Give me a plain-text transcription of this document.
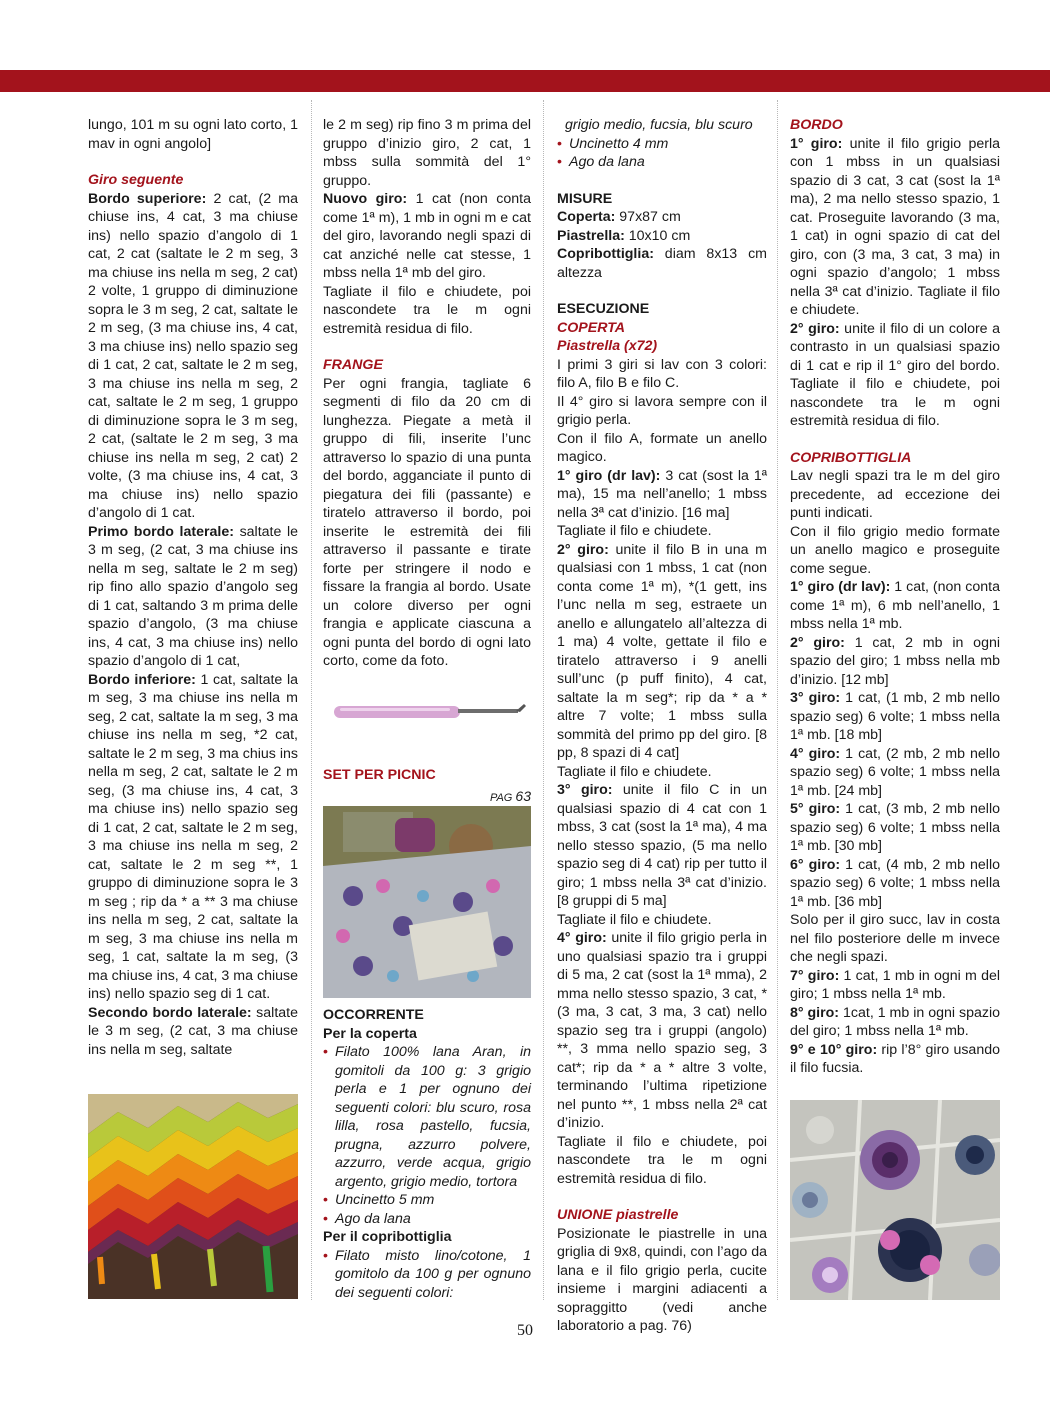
lungo, 101 m su ogni lato corto, 1 mav in ogni angolo]

Giro seguente

Bordo superiore: 2 cat, (2 ma chiuse ins, 4 cat, 3 ma chiuse ins) nello spazio d’angolo di 1 cat, 2 cat (saltate le 2 m seg, 3 ma chiuse ins nella m seg, 2 cat) 2 volte, 1 gruppo di diminuzione sopra le 3 m seg, 2 cat, saltate le 2 m seg, (3 ma chiuse ins, 4 cat, 3 ma chiuse ins) nello spazio seg di 1 cat, 2 cat, saltate le 2 m seg, 3 ma chiuse ins nella m seg, 2 cat, saltate le 2 m seg, 1 gruppo di diminuzione sopra le 3 m seg, 2 cat, (saltate le 2 m seg, 3 ma chiuse ins nella m seg, 2 cat) 2 volte, (3 ma chiuse ins, 4 cat, 3 ma chiuse ins) nello spazio d’angolo di 1 cat.

Primo bordo laterale: saltate le 3 m seg, (2 cat, 3 ma chiuse ins nella m seg, saltate le 2 m seg) rip fino allo spazio d’angolo seg di 1 cat, saltando 3 m prima delle spazio d’angolo, (3 ma chiuse ins, 4 cat, 3 ma chiuse ins) nello spazio d’angolo di 1 cat,

Bordo inferiore: 1 cat, saltate la m seg, 3 ma chiuse ins nella m seg, 2 cat, saltate la m seg, 3 ma chiuse ins nella m seg, *2 cat, saltate le 2 m seg, 3 ma chius ins nella m seg, 2 cat, saltate le 2 m seg, (3 ma chiuse ins, 4 cat, 3 ma chiuse ins) nello spazio seg di 1 cat, 2 cat, saltate le 2 m seg, 3 ma chiuse ins nella m seg, 2 cat, saltate le 2 m seg **, 1 gruppo di diminuzione sopra le 3 m seg ; rip da * a ** 3 ma chiuse ins nella m seg, 2 cat, saltate la m seg, 3 ma chiuse ins nella m seg, 1 cat, saltate la m seg, (3 ma chiuse ins, 4 cat, 3 ma chiuse ins) nello spazio seg di 1 cat.

Secondo bordo laterale: saltate le 3 m seg, (2 cat, 3 ma chiuse ins nella m seg, saltate

le 2 m seg) rip fino 3 m prima del gruppo d’inizio giro, 2 cat, 1 mbss sulla sommità del 1° gruppo.

Nuovo giro: 1 cat (non conta come 1ª m), 1 mb in ogni m e cat del giro, lavorando negli spazi di cat anziché nelle cat stesse, 1 mbss nella 1ª mb del giro.

Tagliate il filo e chiudete, poi nascondete tra le m ogni estremità residua di filo.

FRANGE

Per ogni frangia, tagliate 6 segmenti di filo da 20 cm di lunghezza. Piegate a metà il gruppo di fili, inserite l’unc attraverso lo spazio di una punta del bordo, agganciate il punto di piegatura dei fili (passante) e tiratelo attraverso il bordo, poi inserite le estremità dei fili attraverso il passante e tirate forte per stringere il nodo e fissare la frangia al bordo. Usate un colore diverso per ogni frangia e applicate ciascuna a ogni punta del bordo di ogni lato corto, come da foto.

SET PER PICNIC

PAG 63

OCCORRENTE

Per la coperta

• Filato 100% lana Aran, in gomitoli da 100 g: 3 grigio perla e 1 per ognuno dei seguenti colori: blu scuro, rosa lilla, rosa pastello, fucsia, prugna, azzurro polvere, azzurro, verde acqua, grigio argento, grigio medio, tortora
• Uncinetto 5 mm
• Ago da lana

Per il copribottiglia

• Filato misto lino/cotone, 1 gomitolo da 100 g per ognuno dei seguenti colori:

grigio medio, fucsia, blu scuro

• Uncinetto 4 mm
• Ago da lana

MISURE

Coperta: 97x87 cm

Piastrella: 10x10 cm

Copribottiglia: diam 8x13 cm altezza

ESECUZIONE

COPERTA

Piastrella (x72)

I primi 3 giri si lav con 3 colori: filo A, filo B e filo C.

Il 4° giro si lavora sempre con il grigio perla.

Con il filo A, formate un anello magico.

1° giro (dr lav): 3 cat (sost la 1ª ma), 15 ma nell’anello; 1 mbss nella 3ª cat d’inizio. [16 ma]

Tagliate il filo e chiudete.

2° giro: unite il filo B in una m qualsiasi con 1 mbss, 1 cat (non conta come 1ª m), *(1 gett, ins l’unc nella m seg, estraete un anello e allungatelo all’altezza di 1 ma) 4 volte, gettate il filo e tiratelo attraverso i 9 anelli sull’unc (p puff finito), 4 cat, saltate la m seg*; rip da * a * altre 7 volte; 1 mbss sulla sommità del primo pp del giro. [8 pp, 8 spazi di 4 cat]

Tagliate il filo e chiudete.

3° giro: unite il filo C in un qualsiasi spazio di 4 cat con 1 mbss, 3 cat (sost la 1ª ma), 4 ma nello stesso spazio, (5 ma nello spazio seg di 4 cat) rip per tutto il giro; 1 mbss nella 3ª cat d’inizio. [8 gruppi di 5 ma]

Tagliate il filo e chiudete.

4° giro: unite il filo grigio perla in uno qualsiasi spazio tra i gruppi di 5 ma, 2 cat (sost la 1ª mma), 2 mma nello stesso spazio, 3 cat, *(3 ma, 3 cat, 3 ma, 3 cat) nello spazio seg tra i gruppi (angolo) **, 3 mma nello spazio seg, 3 cat*; rip da * a * altre 3 volte, terminando l’ultima ripetizione nel punto **, 1 mbss nella 2ª cat d’inizio.

Tagliate il filo e chiudete, poi nascondete tra le m ogni estremità residua di filo.

UNIONE piastrelle

Posizionate le piastrelle in una griglia di 9x8, quindi, con l’ago da lana e il filo grigio perla, cucite insieme i margini adiacenti a sopraggitto (vedi anche laboratorio a pag. 76)

BORDO

1° giro: unite il filo grigio perla con 1 mbss in un qualsiasi spazio di 3 cat, 3 cat (sost la 1ª ma), 2 ma nello stesso spazio, 1 cat. Proseguite lavorando (3 ma, 1 cat) in ogni spazio di cat del giro, con (3 ma, 3 cat, 3 ma) in ogni spazio d’angolo; 1 mbss nella 3ª cat d’inizio. Tagliate il filo e chiudete.

2° giro: unite il filo di un colore a contrasto in un qualsiasi spazio di 1 cat e rip il 1° giro del bordo. Tagliate il filo e chiudete, poi nascondete tra le m ogni estremità residua di filo.

COPRIBOTTIGLIA

Lav negli spazi tra le m del giro precedente, ad eccezione dei punti indicati.

Con il filo grigio medio formate un anello magico e proseguite come segue.

1° giro (dr lav): 1 cat, (non conta come 1ª m), 6 mb nell’anello, 1 mbss nella 1ª mb.

2° giro: 1 cat, 2 mb in ogni spazio del giro; 1 mbss nella mb d’inizio. [12 mb]

3° giro: 1 cat, (1 mb, 2 mb nello spazio seg) 6 volte; 1 mbss nella 1ª mb. [18 mb]

4° giro: 1 cat, (2 mb, 2 mb nello spazio seg) 6 volte; 1 mbss nella 1ª mb. [24 mb]

5° giro: 1 cat, (3 mb, 2 mb nello spazio seg) 6 volte; 1 mbss nella 1ª mb. [30 mb]

6° giro: 1 cat, (4 mb, 2 mb nello spazio seg) 6 volte; 1 mbss nella 1ª mb. [36 mb]

Solo per il giro succ, lav in costa nel filo posteriore delle m invece che negli spazi.

7° giro: 1 cat, 1 mb in ogni m del giro; 1 mbss nella 1ª mb.

8° giro: 1cat, 1 mb in ogni spazio del giro; 1 mbss nella 1ª mb.

9° e 10° giro: rip l’8° giro usando il filo fucsia.

50
